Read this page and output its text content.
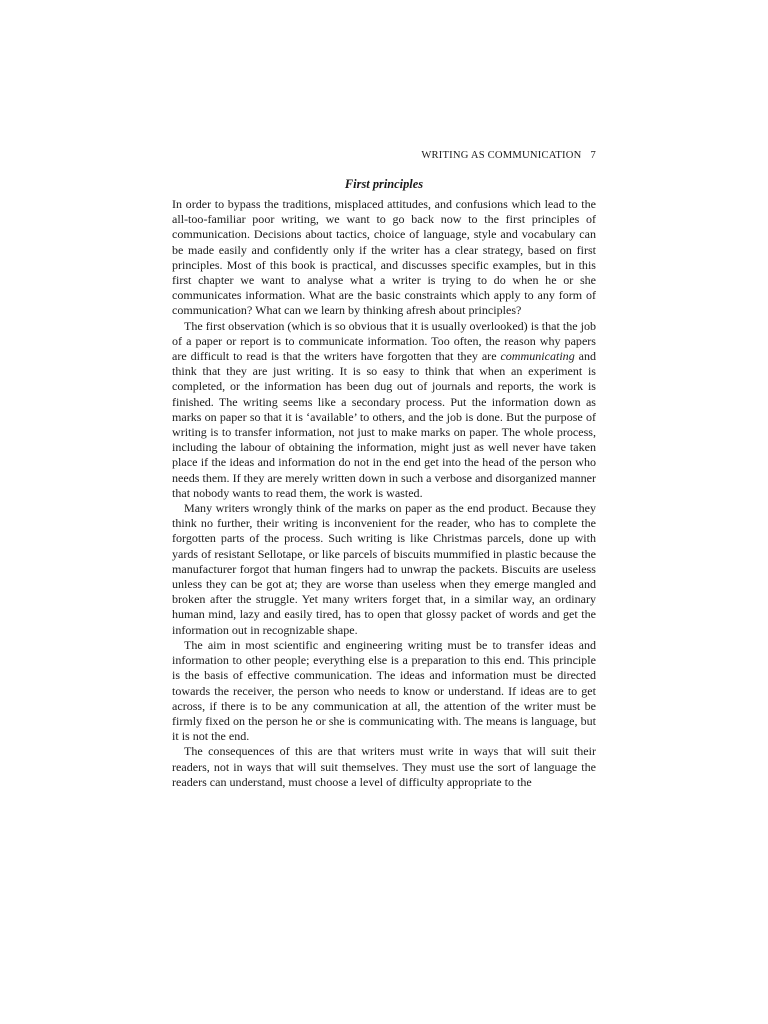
WRITING AS COMMUNICATION 7
First principles

In order to bypass the traditions, misplaced attitudes, and confusions which lead to the all-too-familiar poor writing, we want to go back now to the first principles of communication. Decisions about tactics, choice of language, style and vocabulary can be made easily and confidently only if the writer has a clear strategy, based on first principles. Most of this book is practical, and discusses specific examples, but in this first chapter we want to analyse what a writer is trying to do when he or she communicates information. What are the basic constraints which apply to any form of communication? What can we learn by thinking afresh about principles?

The first observation (which is so obvious that it is usually overlooked) is that the job of a paper or report is to communicate information. Too often, the reason why papers are difficult to read is that the writers have forgotten that they are communicating and think that they are just writing. It is so easy to think that when an experiment is completed, or the information has been dug out of journals and reports, the work is finished. The writing seems like a secondary process. Put the information down as marks on paper so that it is ‘available’ to others, and the job is done. But the purpose of writing is to transfer information, not just to make marks on paper. The whole process, including the labour of obtaining the information, might just as well never have taken place if the ideas and information do not in the end get into the head of the person who needs them. If they are merely written down in such a verbose and disorganized manner that nobody wants to read them, the work is wasted.

Many writers wrongly think of the marks on paper as the end product. Because they think no further, their writing is inconvenient for the reader, who has to complete the forgotten parts of the process. Such writing is like Christmas parcels, done up with yards of resistant Sellotape, or like parcels of biscuits mummified in plastic because the manufacturer forgot that human fingers had to unwrap the packets. Biscuits are useless unless they can be got at; they are worse than useless when they emerge mangled and broken after the struggle. Yet many writers forget that, in a similar way, an ordinary human mind, lazy and easily tired, has to open that glossy packet of words and get the information out in recognizable shape.

The aim in most scientific and engineering writing must be to transfer ideas and information to other people; everything else is a preparation to this end. This principle is the basis of effective communication. The ideas and information must be directed towards the receiver, the person who needs to know or understand. If ideas are to get across, if there is to be any communication at all, the attention of the writer must be firmly fixed on the person he or she is communicating with. The means is language, but it is not the end.

The consequences of this are that writers must write in ways that will suit their readers, not in ways that will suit themselves. They must use the sort of language the readers can understand, must choose a level of difficulty appropriate to the
